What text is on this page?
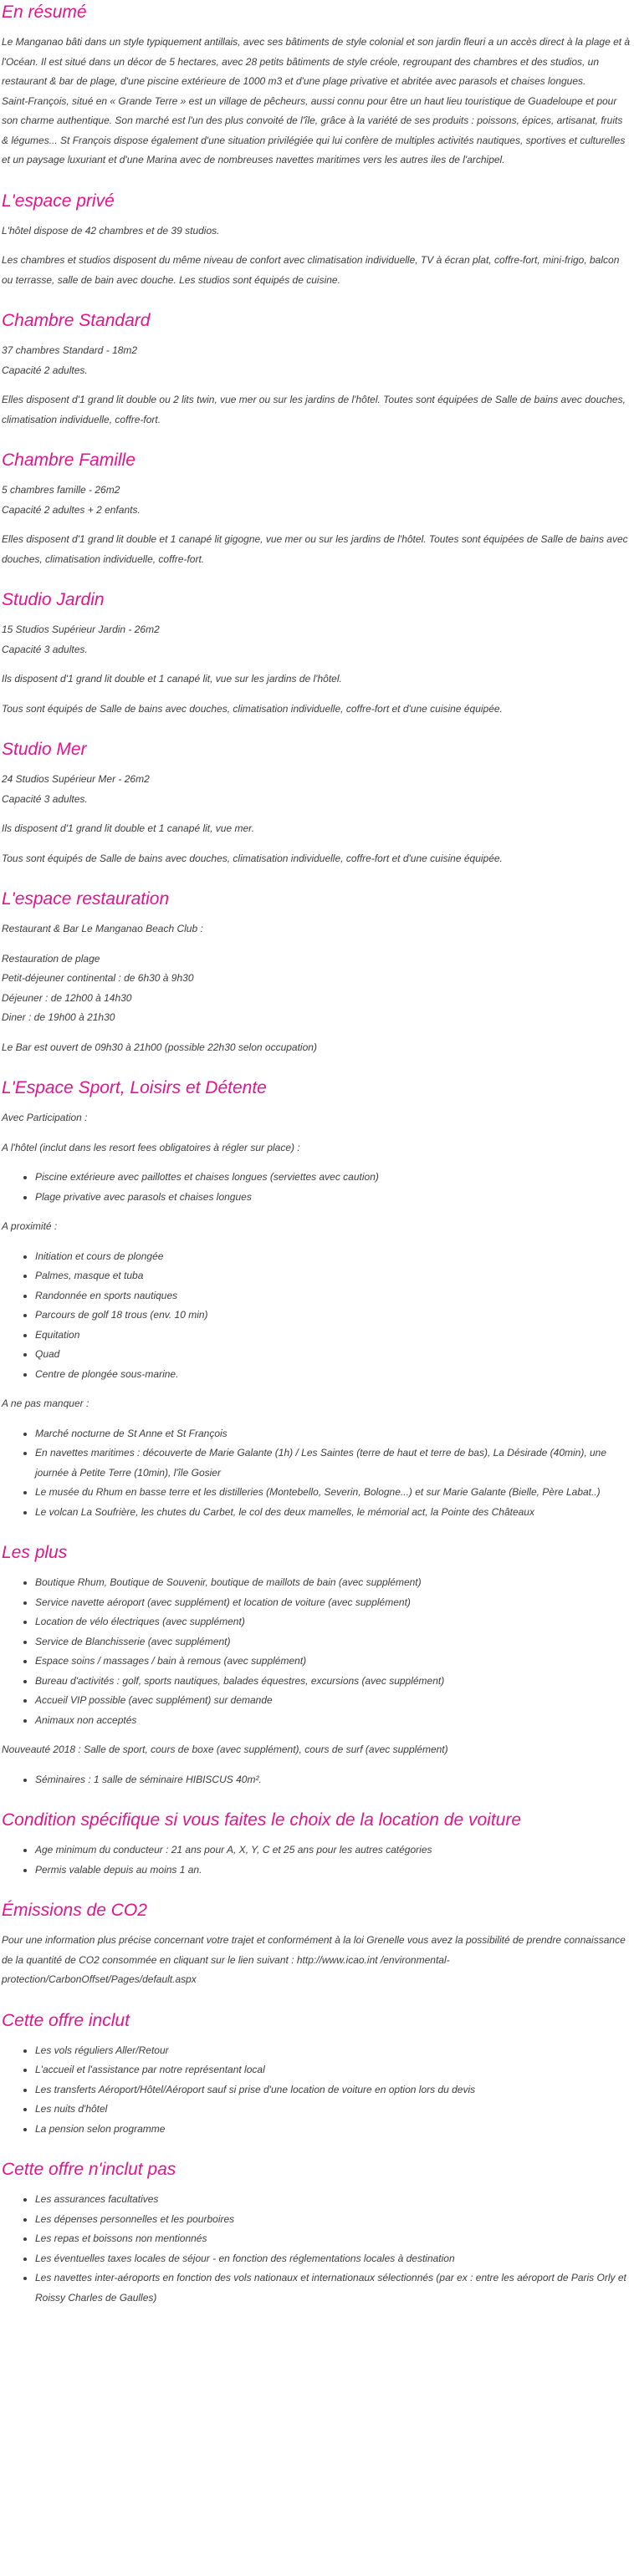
En résumé

Le Manganao bâti dans un style typiquement antillais, avec ses bâtiments de style colonial et son jardin fleuri a un accès direct à la plage et à l'Océan. Il est situé dans un décor de 5 hectares, avec 28 petits bâtiments de style créole, regroupant des chambres et des studios, un restaurant & bar de plage, d'une piscine extérieure de 1000 m3 et d'une plage privative et abritée avec parasols et chaises longues.

Saint-François, situé en « Grande Terre » est un village de pêcheurs, aussi connu pour être un haut lieu touristique de Guadeloupe et pour son charme authentique. Son marché est l'un des plus convoité de l'île, grâce à la variété de ses produits : poissons, épices, artisanat, fruits & légumes... St François dispose également d'une situation privilégiée qui lui confère de multiples activités nautiques, sportives et culturelles et un paysage luxuriant et d'une Marina avec de nombreuses navettes maritimes vers les autres iles de l'archipel.

L'espace privé

L'hôtel dispose de 42 chambres et de 39 studios.

Les chambres et studios disposent du même niveau de confort avec climatisation individuelle, TV à écran plat, coffre-fort, mini-frigo, balcon ou terrasse, salle de bain avec douche. Les studios sont équipés de cuisine.

Chambre Standard

37 chambres Standard - 18m2
Capacité 2 adultes.

Elles disposent d'1 grand lit double ou 2 lits twin, vue mer ou sur les jardins de l'hôtel. Toutes sont équipées de Salle de bains avec douches, climatisation individuelle, coffre-fort.

Chambre Famille

5 chambres famille - 26m2
Capacité 2 adultes + 2 enfants.

Elles disposent d'1 grand lit double et 1 canapé lit gigogne, vue mer ou sur les jardins de l'hôtel. Toutes sont équipées de Salle de bains avec douches, climatisation individuelle, coffre-fort.

Studio Jardin

15 Studios Supérieur Jardin - 26m2
Capacité 3 adultes.

Ils disposent d'1 grand lit double et 1 canapé lit, vue sur les jardins de l'hôtel.

Tous sont équipés de Salle de bains avec douches, climatisation individuelle, coffre-fort et d'une cuisine équipée.

Studio Mer

24 Studios Supérieur Mer - 26m2
Capacité 3 adultes.

Ils disposent d'1 grand lit double et 1 canapé lit, vue mer.

Tous sont équipés de Salle de bains avec douches, climatisation individuelle, coffre-fort et d'une cuisine équipée.

L'espace restauration

Restaurant & Bar Le Manganao Beach Club :

Restauration de plage
Petit-déjeuner continental : de 6h30 à 9h30
Déjeuner : de 12h00 à 14h30
Diner : de 19h00 à 21h30

Le Bar est ouvert de 09h30 à 21h00 (possible 22h30 selon occupation)

L'Espace Sport, Loisirs et Détente

Avec Participation :

A l'hôtel (inclut dans les resort fees obligatoires à régler sur place) :

• Piscine extérieure avec paillottes et chaises longues (serviettes avec caution)
• Plage privative avec parasols et chaises longues

A proximité :

• Initiation et cours de plongée
• Palmes, masque et tuba
• Randonnée en sports nautiques
• Parcours de golf 18 trous (env. 10 min)
• Equitation
• Quad
• Centre de plongée sous-marine.

A ne pas manquer :

• Marché nocturne de St Anne et St François
• En navettes maritimes : découverte de Marie Galante (1h) / Les Saintes (terre de haut et terre de bas), La Désirade (40min), une journée à Petite Terre (10min), l'île Gosier
• Le musée du Rhum en basse terre et les distilleries (Montebello, Severin, Bologne...) et sur Marie Galante (Bielle, Père Labat..)
• Le volcan La Soufrière, les chutes du Carbet, le col des deux mamelles, le mémorial act, la Pointe des Châteaux
Les plus
• Boutique Rhum, Boutique de Souvenir, boutique de maillots de bain (avec supplément)
• Service navette aéroport (avec supplément) et location de voiture (avec supplément)
• Location de vélo électriques (avec supplément)
• Service de Blanchisserie (avec supplément)
• Espace soins / massages / bain à remous (avec supplément)
• Bureau d'activités : golf, sports nautiques, balades équestres, excursions (avec supplément)
• Accueil VIP possible (avec supplément) sur demande
• Animaux non acceptés

Nouveauté 2018 : Salle de sport, cours de boxe (avec supplément), cours de surf (avec supplément)

• Séminaires : 1 salle de séminaire HIBISCUS 40m².
Condition spécifique si vous faites le choix de la location de voiture
• Age minimum du conducteur : 21 ans pour A, X, Y, C et 25 ans pour les autres catégories
• Permis valable depuis au moins 1 an.
Émissions de CO2

Pour une information plus précise concernant votre trajet et conformément à la loi Grenelle vous avez la possibilité de prendre connaissance de la quantité de CO2 consommée en cliquant sur le lien suivant : http://www.icao.int /environmental-protection/CarbonOffset/Pages/default.aspx

Cette offre inclut
• Les vols réguliers Aller/Retour
• L'accueil et l'assistance par notre représentant local
• Les transferts Aéroport/Hôtel/Aéroport sauf si prise d'une location de voiture en option lors du devis
• Les nuits d'hôtel
• La pension selon programme
Cette offre n'inclut pas
• Les assurances facultatives
• Les dépenses personnelles et les pourboires
• Les repas et boissons non mentionnés
• Les éventuelles taxes locales de séjour - en fonction des réglementations locales à destination
• Les navettes inter-aéroports en fonction des vols nationaux et internationaux sélectionnés (par ex : entre les aéroport de Paris Orly et Roissy Charles de Gaulles)
